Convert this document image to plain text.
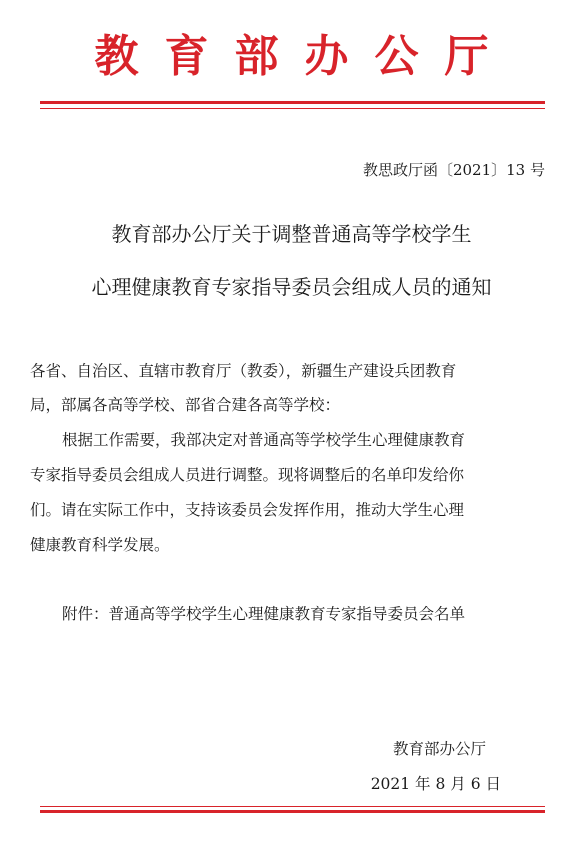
教育部办公厅
教思政厅函〔2021〕13 号
教育部办公厅关于调整普通高等学校学生
心理健康教育专家指导委员会组成人员的通知
各省、自治区、直辖市教育厅（教委），新疆生产建设兵团教育
局，部属各高等学校、部省合建各高等学校：
根据工作需要，我部决定对普通高等学校学生心理健康教育
专家指导委员会组成人员进行调整。现将调整后的名单印发给你
们。请在实际工作中，支持该委员会发挥作用，推动大学生心理
健康教育科学发展。
附件：普通高等学校学生心理健康教育专家指导委员会名单
教育部办公厅
2021 年 8 月 6 日
